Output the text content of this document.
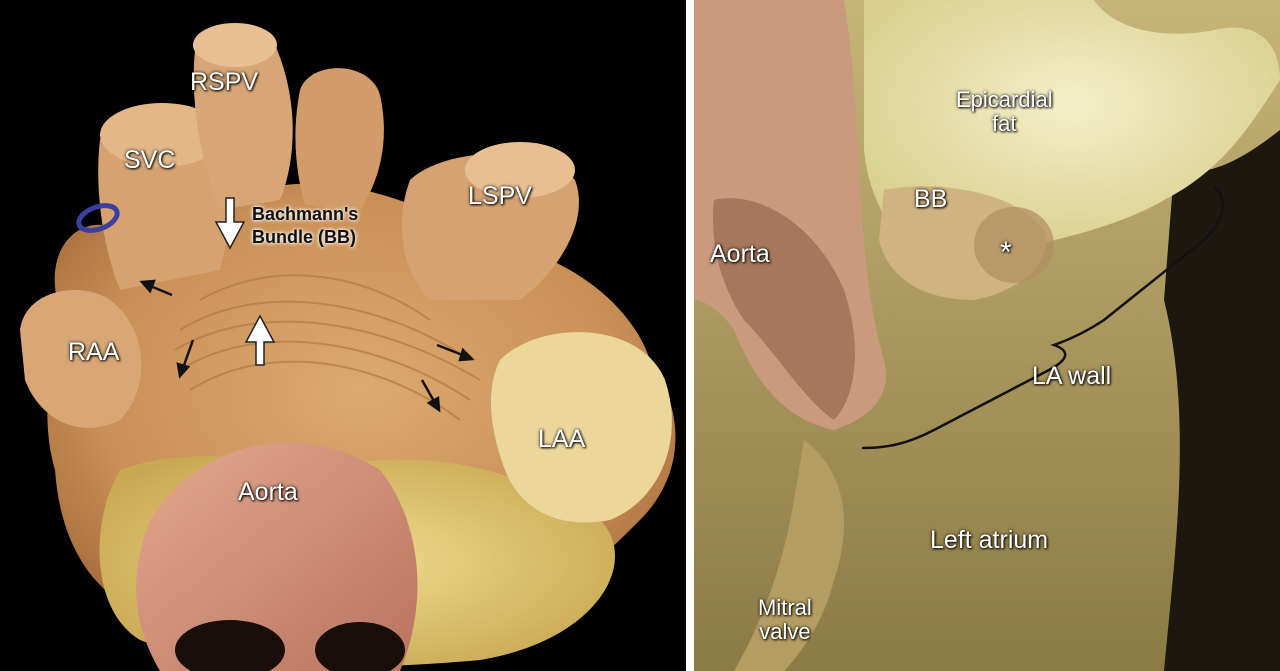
RSPV
SVC
LSPV
Bachmann's
Bundle (BB)
RAA
LAA
Aorta
Epicardial
fat
BB
*
Aorta
LA wall
Left atrium
Mitral
valve
